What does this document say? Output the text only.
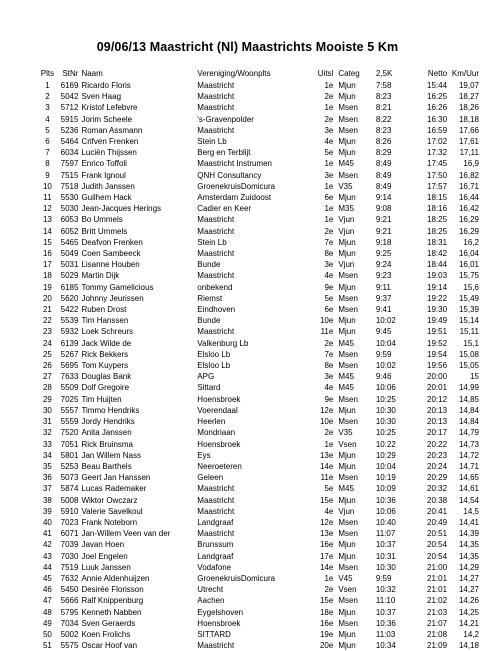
09/06/13 Maastricht (Nl) Maastrichts Mooiste 5 Km
Plts	StNr	Naam	Vereniging/Woonplts	Uitsl	Categ	2,5K	Netto	Km/Uur
1	6169	Ricardo Floris	Maastricht	1e	Mjun	7:58	15:44	19,07
2	5042	Sven Haag	Maastricht	2e	Mjun	8:23	16:25	18,27
3	5712	Kristof Lefebvre	Maastricht	1e	Msen	8:21	16:26	18,26
4	5915	Jorim Scheele	's-Gravenpolder	2e	Msen	8:22	16:30	18,18
5	5236	Roman Assmann	Maastricht	3e	Msen	8:23	16:59	17,66
6	5464	Crifven Frenken	Stein Lb	4e	Mjun	8:26	17:02	17,61
7	6034	Luciën Thijssen	Berg en Terblijt	5e	Mjun	8:29	17:32	17,11
8	7597	Enrico Toffoli	Maastricht Instrumen	1e	M45	8:49	17:45	16,9
9	7515	Frank Ignoul	QNH Consultancy	3e	Msen	8:49	17:50	16,82
10	7518	Judith Janssen	GroenekruisDomicura	1e	V35	8:49	17:57	16,71
11	5530	Guilhem Hack	Amsterdam Zuidoost	6e	Mjun	9:14	18:15	16,44
12	5030	Jean-Jacques Herings	Cadier en Keer	1e	M35	9:08	18:16	16,42
13	6053	Bo Ummels	Maastricht	1e	Vjun	9:21	18:25	16,29
14	6052	Britt Ummels	Maastricht	2e	Vjun	9:21	18:25	16,29
15	5465	Deafvon Frenken	Stein Lb	7e	Mjun	9:18	18:31	16,2
16	5049	Coen Sambeeck	Maastricht	8e	Mjun	9:25	18:42	16,04
17	5031	Lisanne Houben	Bunde	3e	Vjun	9:24	18:44	16,01
18	5029	Martin Dijk	Maastricht	4e	Msen	9:23	19:03	15,75
19	6185	Tommy Gamelicious	onbekend	9e	Mjun	9:11	19:14	15,6
20	5620	Johnny Jeurissen	Riemst	5e	Msen	9:37	19:22	15,49
21	5422	Ruben Drost	Eindhoven	6e	Msen	9:41	19:30	15,39
22	5539	Tim Hanssen	Bunde	10e	Mjun	10:02	19:49	15,14
23	5932	Loek Schreurs	Maastricht	11e	Mjun	9:45	19:51	15,11
24	6139	Jack Wilde de	Valkenburg Lb	2e	M45	10:04	19:52	15,1
25	5267	Rick Bekkers	Elsloo Lb	7e	Msen	9:59	19:54	15,08
26	5695	Tom Kuypers	Elsloo Lb	8e	Msen	10:02	19:56	15,05
27	7633	Douglas Bank	APG	3e	M45	9:46	20:00	15
28	5509	Dolf Gregoire	Sittard	4e	M45	10:06	20:01	14,99
29	7025	Tim Huijten	Hoensbroek	9e	Msen	10:25	20:12	14,85
30	5557	Timmo Hendriks	Voerendaal	12e	Mjun	10:30	20:13	14,84
31	5559	Jordy Hendriks	Heerlen	10e	Msen	10:30	20:13	14,84
32	7520	Anita Janssen	Mondriaan	2e	V35	10:25	20:17	14,79
33	7051	Rick Bruinsma	Hoensbroek	1e	Vsen	10:22	20:22	14,73
34	5801	Jan Willem Nass	Eys	13e	Mjun	10:29	20:23	14,72
35	5253	Beau Barthels	Neeroeteren	14e	Mjun	10:04	20:24	14,71
36	5073	Geert Jan Hanssen	Geleen	11e	Msen	10:19	20:29	14,65
37	5874	Lucas Rademaker	Maastricht	5e	M45	10:09	20:32	14,61
38	5008	Wiktor Owczarz	Maastricht	15e	Mjun	10:36	20:38	14,54
39	5910	Valerie Savelkoul	Maastricht	4e	Vjun	10:06	20:41	14,5
40	7023	Frank Noteborn	Landgraaf	12e	Msen	10:40	20:49	14,41
41	6071	Jan-Willem Veen van der	Maastricht	13e	Msen	11:07	20:51	14,39
42	7039	Javan Hoen	Brunssum	16e	Mjun	10:37	20:54	14,35
43	7030	Joel Engelen	Landgraaf	17e	Mjun	10:31	20:54	14,35
44	7519	Luuk Janssen	Vodafone	14e	Msen	10:30	21:00	14,29
45	7632	Annie Aldenhuijzen	GroenekruisDomicura	1e	V45	9:59	21:01	14,27
46	5450	Desirée Florisson	Utrecht	2e	Vsen	10:32	21:01	14,27
47	5666	Ralf Knippenburg	Aachen	15e	Msen	11:10	21:02	14,26
48	5795	Kenneth Nabben	Eygelshoven	18e	Mjun	10:37	21:03	14,25
49	7034	Sven Geraerds	Hoensbroek	16e	Msen	10:36	21:07	14,21
50	5002	Koen Frolichs	SITTARD	19e	Mjun	11:03	21:08	14,2
51	5575	Oscar Hoof van	Maastricht	20e	Mjun	10:34	21:09	14,18
